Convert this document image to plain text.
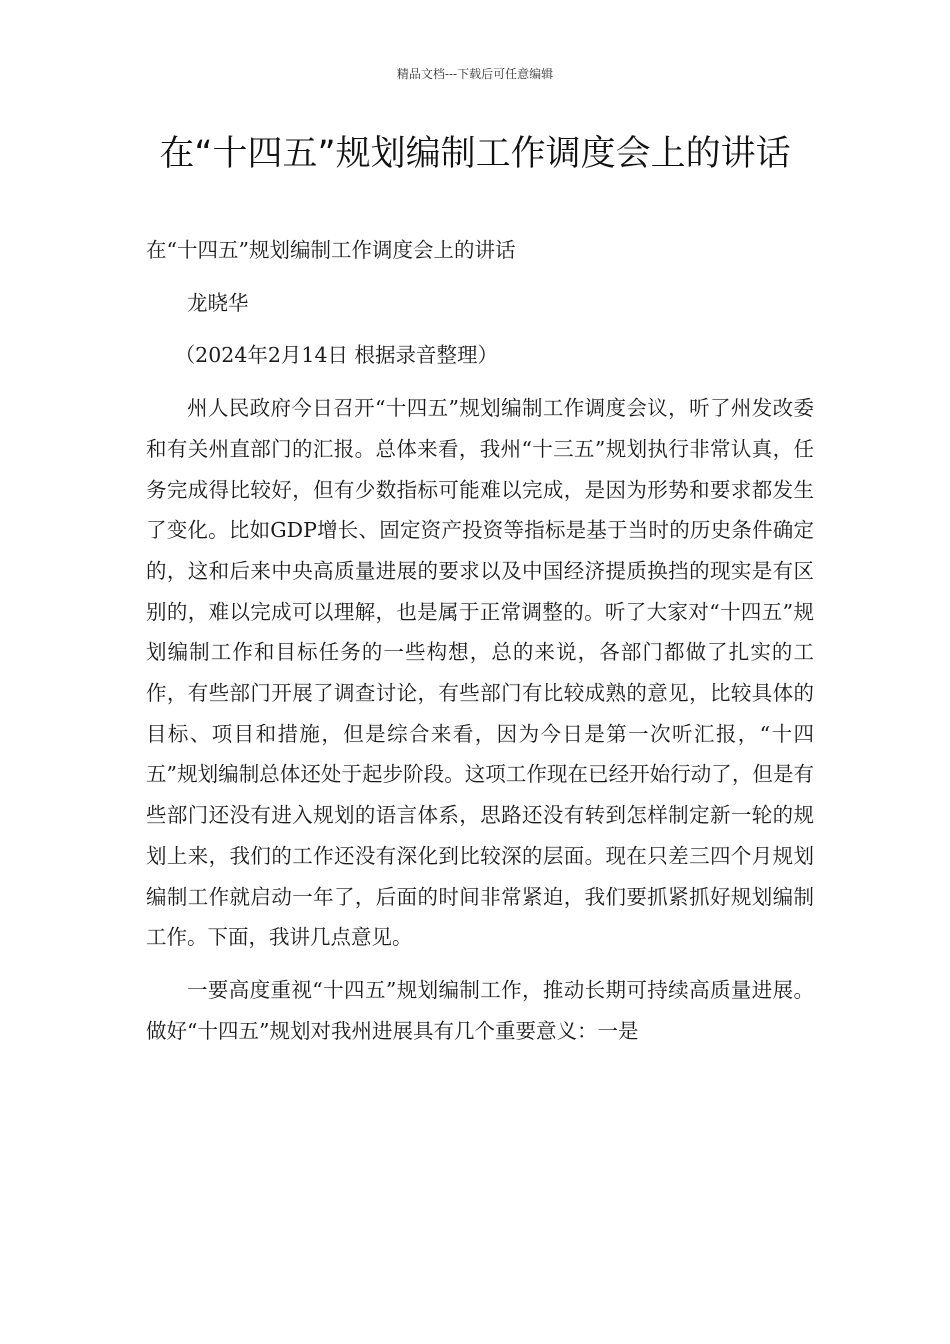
精品文档---下载后可任意编辑
在“十四五”规划编制工作调度会上的讲话

在“十四五”规划编制工作调度会上的讲话

龙晓华

（2024年2月14日 根据录音整理）

州人民政府今日召开“十四五”规划编制工作调度会议，听了州发改委和有关州直部门的汇报。总体来看，我州“十三五”规划执行非常认真，任务完成得比较好，但有少数指标可能难以完成，是因为形势和要求都发生了变化。比如GDP增长、固定资产投资等指标是基于当时的历史条件确定的，这和后来中央高质量进展的要求以及中国经济提质换挡的现实是有区别的，难以完成可以理解，也是属于正常调整的。听了大家对“十四五”规划编制工作和目标任务的一些构想，总的来说，各部门都做了扎实的工作，有些部门开展了调查讨论，有些部门有比较成熟的意见，比较具体的目标、项目和措施，但是综合来看，因为今日是第一次听汇报，“十四五”规划编制总体还处于起步阶段。这项工作现在已经开始行动了，但是有些部门还没有进入规划的语言体系，思路还没有转到怎样制定新一轮的规划上来，我们的工作还没有深化到比较深的层面。现在只差三四个月规划编制工作就启动一年了，后面的时间非常紧迫，我们要抓紧抓好规划编制工作。下面，我讲几点意见。

一要高度重视“十四五”规划编制工作，推动长期可持续高质量进展。做好“十四五”规划对我州进展具有几个重要意义：一是
